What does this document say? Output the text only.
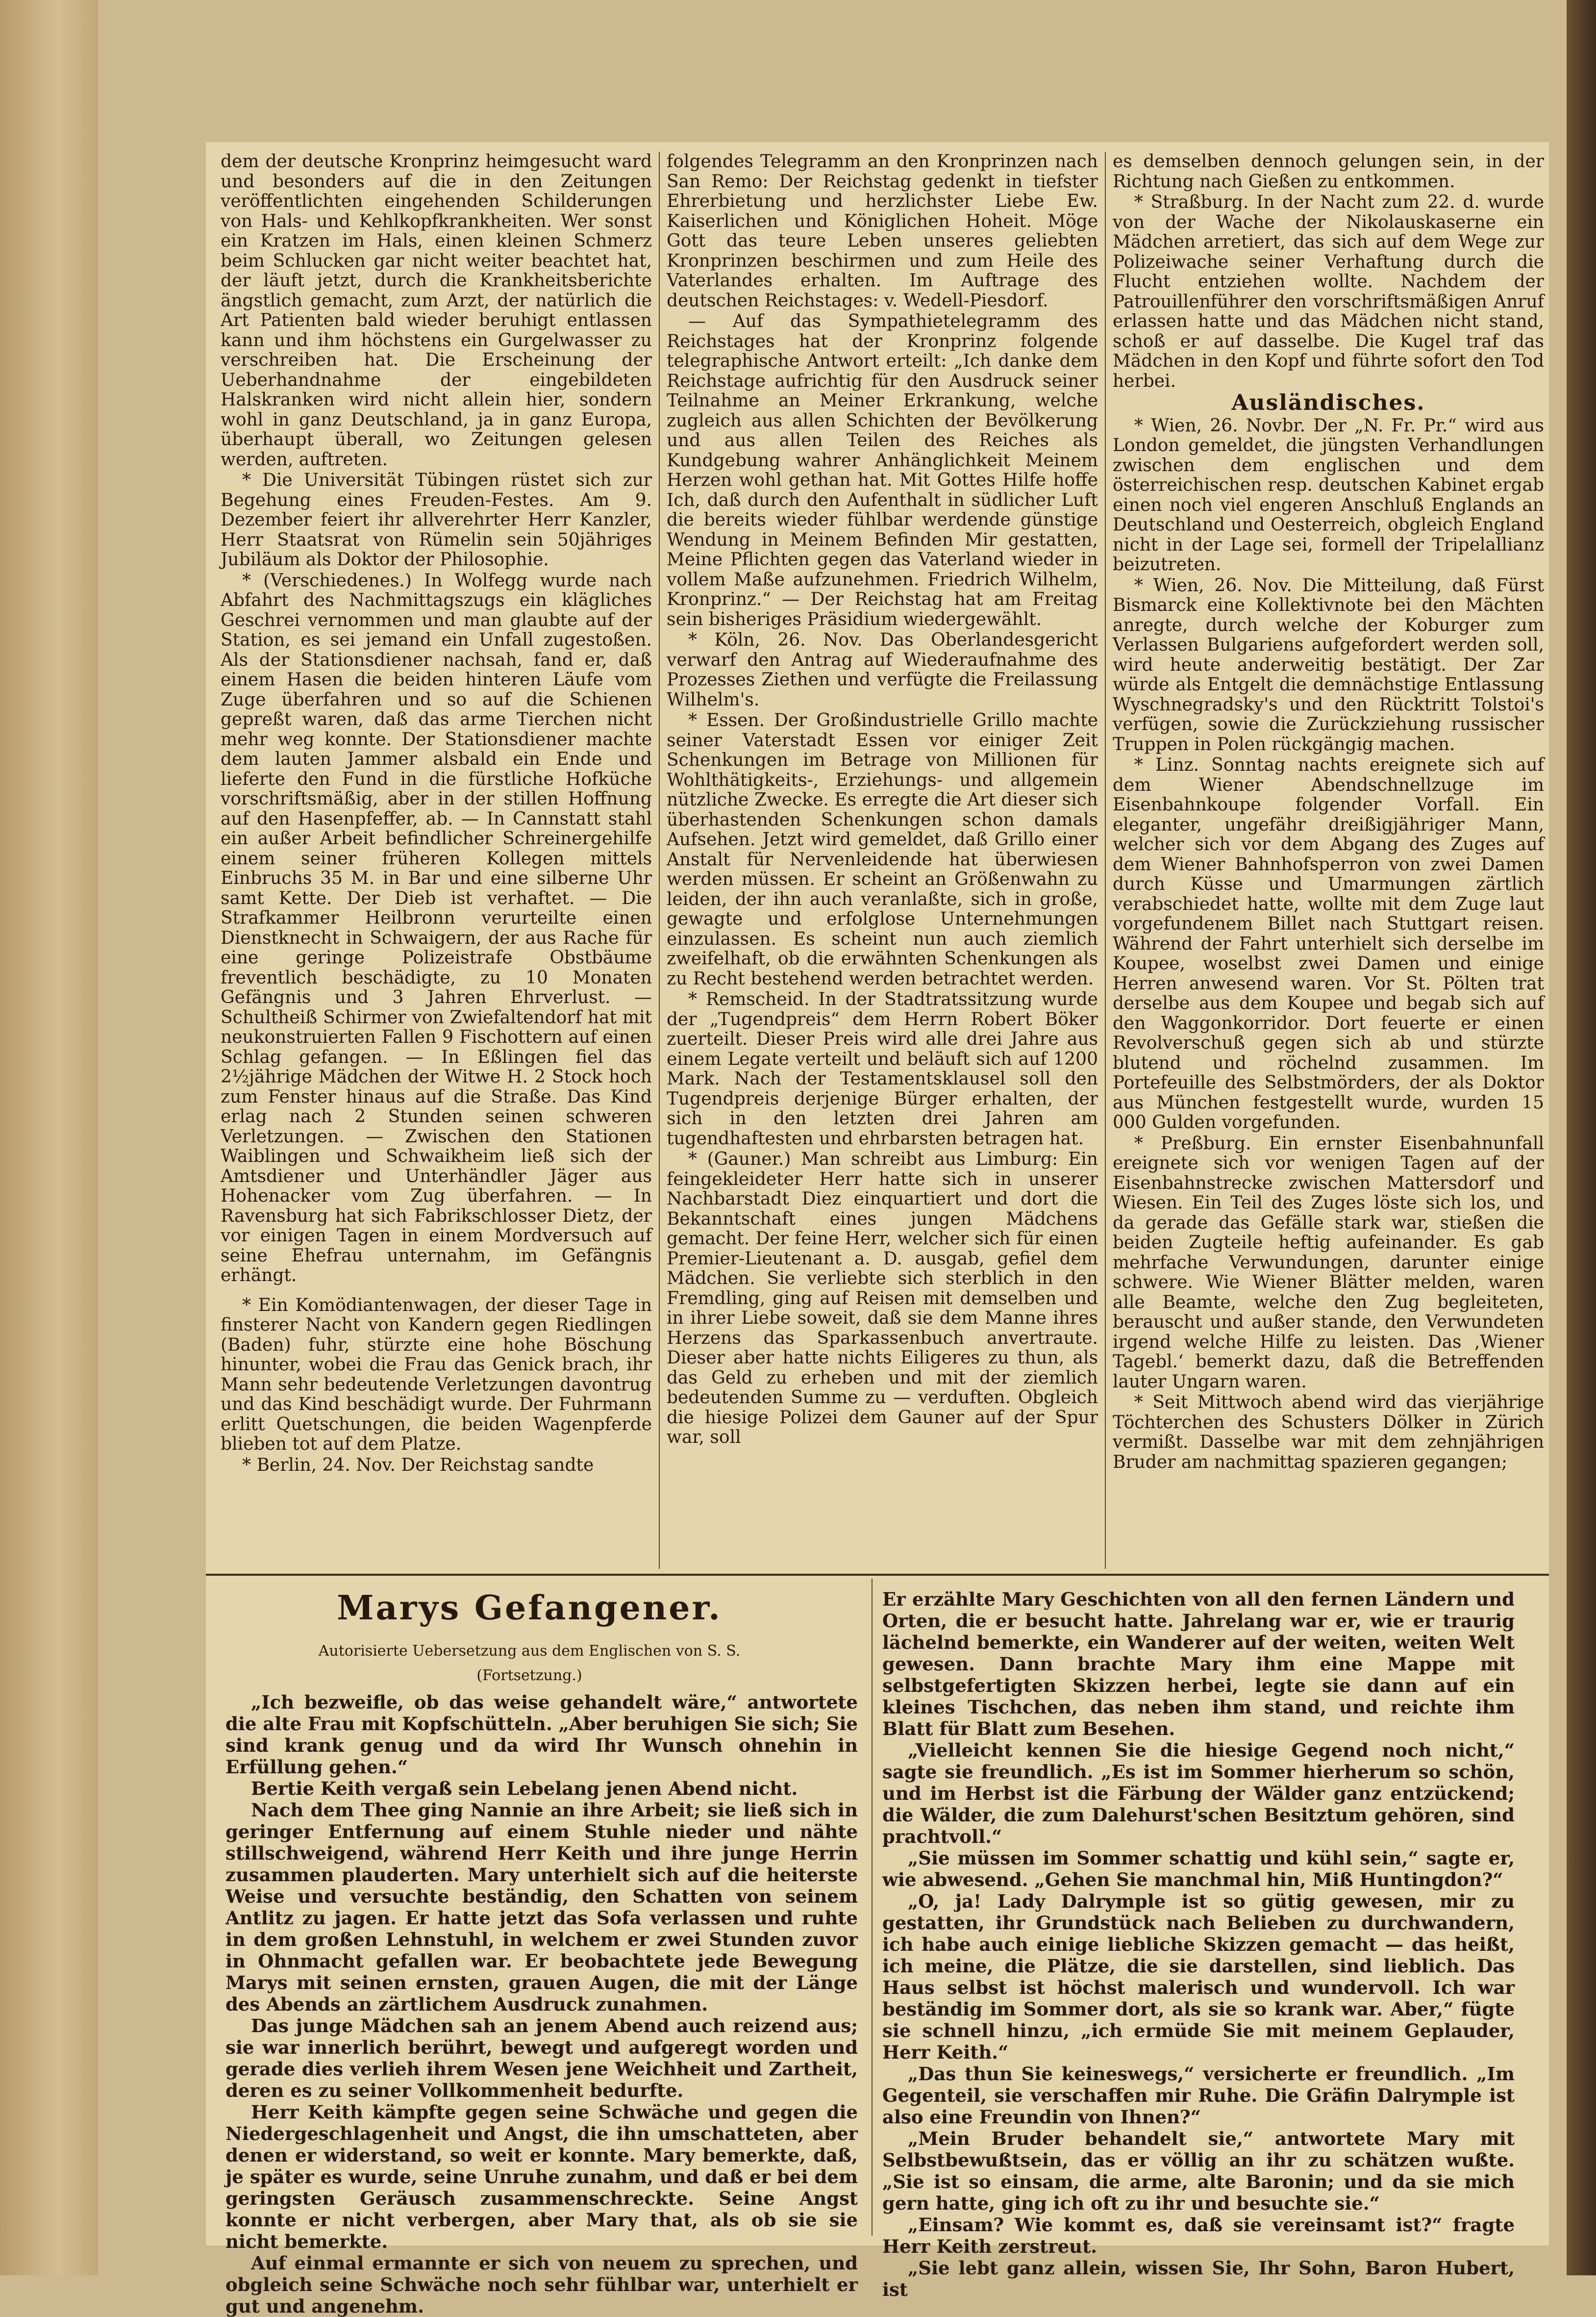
dem der deutsche Kronprinz heimgesucht ward und besonders auf die in den Zeitungen veröffentlichten eingehenden Schilderungen von Hals- und Kehlkopfkrankheiten. Wer sonst ein Kratzen im Hals, einen kleinen Schmerz beim Schlucken gar nicht weiter beachtet hat, der läuft jetzt, durch die Krankheitsberichte ängstlich gemacht, zum Arzt, der natürlich die Art Patienten bald wieder beruhigt entlassen kann und ihm höchstens ein Gurgelwasser zu verschreiben hat. Die Erscheinung der Ueberhandnahme der eingebildeten Halskranken wird nicht allein hier, sondern wohl in ganz Deutschland, ja in ganz Europa, überhaupt überall, wo Zeitungen gelesen werden, auftreten.

* Die Universität Tübingen rüstet sich zur Begehung eines Freuden-Festes. Am 9. Dezember feiert ihr allverehrter Herr Kanzler, Herr Staatsrat von Rümelin sein 50jähriges Jubiläum als Doktor der Philosophie.

* (Verschiedenes.) In Wolfegg wurde nach Abfahrt des Nachmittagszugs ein klägliches Geschrei vernommen und man glaubte auf der Station, es sei jemand ein Unfall zugestoßen. Als der Stationsdiener nachsah, fand er, daß einem Hasen die beiden hinteren Läufe vom Zuge überfahren und so auf die Schienen gepreßt waren, daß das arme Tierchen nicht mehr weg konnte. Der Stationsdiener machte dem lauten Jammer alsbald ein Ende und lieferte den Fund in die fürstliche Hofküche vorschriftsmäßig, aber in der stillen Hoffnung auf den Hasenpfeffer, ab. — In Cannstatt stahl ein außer Arbeit befindlicher Schreinergehilfe einem seiner früheren Kollegen mittels Einbruchs 35 M. in Bar und eine silberne Uhr samt Kette. Der Dieb ist verhaftet. — Die Strafkammer Heilbronn verurteilte einen Dienstknecht in Schwaigern, der aus Rache für eine geringe Polizeistrafe Obstbäume freventlich beschädigte, zu 10 Monaten Gefängnis und 3 Jahren Ehrverlust. — Schultheiß Schirmer von Zwiefaltendorf hat mit neukonstruierten Fallen 9 Fischottern auf einen Schlag gefangen. — In Eßlingen fiel das 2½jährige Mädchen der Witwe H. 2 Stock hoch zum Fenster hinaus auf die Straße. Das Kind erlag nach 2 Stunden seinen schweren Verletzungen. — Zwischen den Stationen Waiblingen und Schwaikheim ließ sich der Amtsdiener und Unterhändler Jäger aus Hohenacker vom Zug überfahren. — In Ravensburg hat sich Fabrikschlosser Dietz, der vor einigen Tagen in einem Mordversuch auf seine Ehefrau unternahm, im Gefängnis erhängt.

* Ein Komödiantenwagen, der dieser Tage in finsterer Nacht von Kandern gegen Riedlingen (Baden) fuhr, stürzte eine hohe Böschung hinunter, wobei die Frau das Genick brach, ihr Mann sehr bedeutende Verletzungen davontrug und das Kind beschädigt wurde. Der Fuhrmann erlitt Quetschungen, die beiden Wagenpferde blieben tot auf dem Platze.

* Berlin, 24. Nov. Der Reichstag sandte

folgendes Telegramm an den Kronprinzen nach San Remo: Der Reichstag gedenkt in tiefster Ehrerbietung und herzlichster Liebe Ew. Kaiserlichen und Königlichen Hoheit. Möge Gott das teure Leben unseres geliebten Kronprinzen beschirmen und zum Heile des Vaterlandes erhalten. Im Auftrage des deutschen Reichstages: v. Wedell-Piesdorf.

— Auf das Sympathietelegramm des Reichstages hat der Kronprinz folgende telegraphische Antwort erteilt: „Ich danke dem Reichstage aufrichtig für den Ausdruck seiner Teilnahme an Meiner Erkrankung, welche zugleich aus allen Schichten der Bevölkerung und aus allen Teilen des Reiches als Kundgebung wahrer Anhänglichkeit Meinem Herzen wohl gethan hat. Mit Gottes Hilfe hoffe Ich, daß durch den Aufenthalt in südlicher Luft die bereits wieder fühlbar werdende günstige Wendung in Meinem Befinden Mir gestatten, Meine Pflichten gegen das Vaterland wieder in vollem Maße aufzunehmen. Friedrich Wilhelm, Kronprinz.“ — Der Reichstag hat am Freitag sein bisheriges Präsidium wiedergewählt.

* Köln, 26. Nov. Das Oberlandesgericht verwarf den Antrag auf Wiederaufnahme des Prozesses Ziethen und verfügte die Freilassung Wilhelm's.

* Essen. Der Großindustrielle Grillo machte seiner Vaterstadt Essen vor einiger Zeit Schenkungen im Betrage von Millionen für Wohlthätigkeits-, Erziehungs- und allgemein nützliche Zwecke. Es erregte die Art dieser sich überhastenden Schenkungen schon damals Aufsehen. Jetzt wird gemeldet, daß Grillo einer Anstalt für Nervenleidende hat überwiesen werden müssen. Er scheint an Größenwahn zu leiden, der ihn auch veranlaßte, sich in große, gewagte und erfolglose Unternehmungen einzulassen. Es scheint nun auch ziemlich zweifelhaft, ob die erwähnten Schenkungen als zu Recht bestehend werden betrachtet werden.

* Remscheid. In der Stadtratssitzung wurde der „Tugendpreis“ dem Herrn Robert Böker zuerteilt. Dieser Preis wird alle drei Jahre aus einem Legate verteilt und beläuft sich auf 1200 Mark. Nach der Testamentsklausel soll den Tugendpreis derjenige Bürger erhalten, der sich in den letzten drei Jahren am tugendhaftesten und ehrbarsten betragen hat.

* (Gauner.) Man schreibt aus Limburg: Ein feingekleideter Herr hatte sich in unserer Nachbarstadt Diez einquartiert und dort die Bekanntschaft eines jungen Mädchens gemacht. Der feine Herr, welcher sich für einen Premier-Lieutenant a. D. ausgab, gefiel dem Mädchen. Sie verliebte sich sterblich in den Fremdling, ging auf Reisen mit demselben und in ihrer Liebe soweit, daß sie dem Manne ihres Herzens das Sparkassenbuch anvertraute. Dieser aber hatte nichts Eiligeres zu thun, als das Geld zu erheben und mit der ziemlich bedeutenden Summe zu — verduften. Obgleich die hiesige Polizei dem Gauner auf der Spur war, soll

es demselben dennoch gelungen sein, in der Richtung nach Gießen zu entkommen.

* Straßburg. In der Nacht zum 22. d. wurde von der Wache der Nikolauskaserne ein Mädchen arretiert, das sich auf dem Wege zur Polizeiwache seiner Verhaftung durch die Flucht entziehen wollte. Nachdem der Patrouillenführer den vorschriftsmäßigen Anruf erlassen hatte und das Mädchen nicht stand, schoß er auf dasselbe. Die Kugel traf das Mädchen in den Kopf und führte sofort den Tod herbei.

Ausländisches.

* Wien, 26. Novbr. Der „N. Fr. Pr.“ wird aus London gemeldet, die jüngsten Verhandlungen zwischen dem englischen und dem österreichischen resp. deutschen Kabinet ergab einen noch viel engeren Anschluß Englands an Deutschland und Oesterreich, obgleich England nicht in der Lage sei, formell der Tripelallianz beizutreten.

* Wien, 26. Nov. Die Mitteilung, daß Fürst Bismarck eine Kollektivnote bei den Mächten anregte, durch welche der Koburger zum Verlassen Bulgariens aufgefordert werden soll, wird heute anderweitig bestätigt. Der Zar würde als Entgelt die demnächstige Entlassung Wyschnegradsky's und den Rücktritt Tolstoi's verfügen, sowie die Zurückziehung russischer Truppen in Polen rückgängig machen.

* Linz. Sonntag nachts ereignete sich auf dem Wiener Abendschnellzuge im Eisenbahnkoupe folgender Vorfall. Ein eleganter, ungefähr dreißigjähriger Mann, welcher sich vor dem Abgang des Zuges auf dem Wiener Bahnhofsperron von zwei Damen durch Küsse und Umarmungen zärtlich verabschiedet hatte, wollte mit dem Zuge laut vorgefundenem Billet nach Stuttgart reisen. Während der Fahrt unterhielt sich derselbe im Koupee, woselbst zwei Damen und einige Herren anwesend waren. Vor St. Pölten trat derselbe aus dem Koupee und begab sich auf den Waggonkorridor. Dort feuerte er einen Revolverschuß gegen sich ab und stürzte blutend und röchelnd zusammen. Im Portefeuille des Selbstmörders, der als Doktor aus München festgestellt wurde, wurden 15 000 Gulden vorgefunden.

* Preßburg. Ein ernster Eisenbahnunfall ereignete sich vor wenigen Tagen auf der Eisenbahnstrecke zwischen Mattersdorf und Wiesen. Ein Teil des Zuges löste sich los, und da gerade das Gefälle stark war, stießen die beiden Zugteile heftig aufeinander. Es gab mehrfache Verwundungen, darunter einige schwere. Wie Wiener Blätter melden, waren alle Beamte, welche den Zug begleiteten, berauscht und außer stande, den Verwundeten irgend welche Hilfe zu leisten. Das ‚Wiener Tagebl.‘ bemerkt dazu, daß die Betreffenden lauter Ungarn waren.

* Seit Mittwoch abend wird das vierjährige Töchterchen des Schusters Dölker in Zürich vermißt. Dasselbe war mit dem zehnjährigen Bruder am nachmittag spazieren gegangen;

Marys Gefangener.
Autorisierte Uebersetzung aus dem Englischen von S. S.
(Fortsetzung.)

„Ich bezweifle, ob das weise gehandelt wäre,“ antwortete die alte Frau mit Kopfschütteln. „Aber beruhigen Sie sich; Sie sind krank genug und da wird Ihr Wunsch ohnehin in Erfüllung gehen.“

Bertie Keith vergaß sein Lebelang jenen Abend nicht.

Nach dem Thee ging Nannie an ihre Arbeit; sie ließ sich in geringer Entfernung auf einem Stuhle nieder und nähte stillschweigend, während Herr Keith und ihre junge Herrin zusammen plauderten. Mary unterhielt sich auf die heiterste Weise und versuchte beständig, den Schatten von seinem Antlitz zu jagen. Er hatte jetzt das Sofa verlassen und ruhte in dem großen Lehnstuhl, in welchem er zwei Stunden zuvor in Ohnmacht gefallen war. Er beobachtete jede Bewegung Marys mit seinen ernsten, grauen Augen, die mit der Länge des Abends an zärtlichem Ausdruck zunahmen.

Das junge Mädchen sah an jenem Abend auch reizend aus; sie war innerlich berührt, bewegt und aufgeregt worden und gerade dies verlieh ihrem Wesen jene Weichheit und Zartheit, deren es zu seiner Vollkommenheit bedurfte.

Herr Keith kämpfte gegen seine Schwäche und gegen die Niedergeschlagenheit und Angst, die ihn umschatteten, aber denen er widerstand, so weit er konnte. Mary bemerkte, daß, je später es wurde, seine Unruhe zunahm, und daß er bei dem geringsten Geräusch zusammenschreckte. Seine Angst konnte er nicht verbergen, aber Mary that, als ob sie sie nicht bemerkte.

Auf einmal ermannte er sich von neuem zu sprechen, und obgleich seine Schwäche noch sehr fühlbar war, unterhielt er gut und angenehm.

Er erzählte Mary Geschichten von all den fernen Ländern und Orten, die er besucht hatte. Jahrelang war er, wie er traurig lächelnd bemerkte, ein Wanderer auf der weiten, weiten Welt gewesen. Dann brachte Mary ihm eine Mappe mit selbstgefertigten Skizzen herbei, legte sie dann auf ein kleines Tischchen, das neben ihm stand, und reichte ihm Blatt für Blatt zum Besehen.

„Vielleicht kennen Sie die hiesige Gegend noch nicht,“ sagte sie freundlich. „Es ist im Sommer hierherum so schön, und im Herbst ist die Färbung der Wälder ganz entzückend; die Wälder, die zum Dalehurst'schen Besitztum gehören, sind prachtvoll.“

„Sie müssen im Sommer schattig und kühl sein,“ sagte er, wie abwesend. „Gehen Sie manchmal hin, Miß Huntingdon?“

„O, ja! Lady Dalrymple ist so gütig gewesen, mir zu gestatten, ihr Grundstück nach Belieben zu durchwandern, ich habe auch einige liebliche Skizzen gemacht — das heißt, ich meine, die Plätze, die sie darstellen, sind lieblich. Das Haus selbst ist höchst malerisch und wundervoll. Ich war beständig im Sommer dort, als sie so krank war. Aber,“ fügte sie schnell hinzu, „ich ermüde Sie mit meinem Geplauder, Herr Keith.“

„Das thun Sie keineswegs,“ versicherte er freundlich. „Im Gegenteil, sie verschaffen mir Ruhe. Die Gräfin Dalrymple ist also eine Freundin von Ihnen?“

„Mein Bruder behandelt sie,“ antwortete Mary mit Selbstbewußtsein, das er völlig an ihr zu schätzen wußte. „Sie ist so einsam, die arme, alte Baronin; und da sie mich gern hatte, ging ich oft zu ihr und besuchte sie.“

„Einsam? Wie kommt es, daß sie vereinsamt ist?“ fragte Herr Keith zerstreut.

„Sie lebt ganz allein, wissen Sie, Ihr Sohn, Baron Hubert, ist
